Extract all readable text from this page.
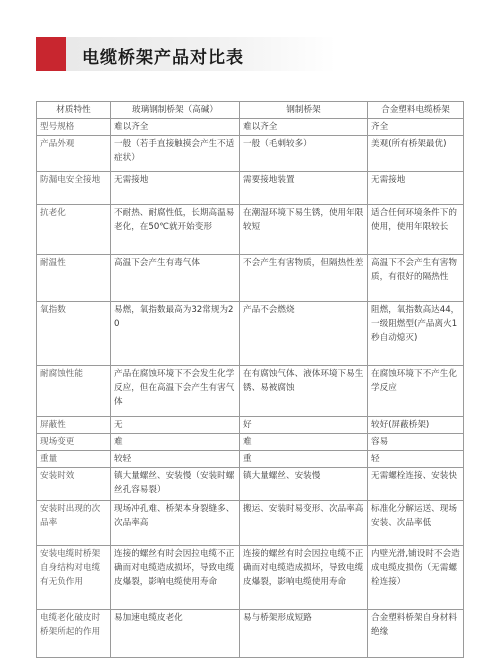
电缆桥架产品对比表
材质特性	玻璃钢制桥架（高碱）	钢制桥架	合金塑料电缆桥架
型号规格	难以齐全	难以齐全	齐全
产品外观	一般（若手直接触摸会产生不适症状）	一般（毛刺较多）	美观(所有桥架最优)
防漏电安全接地	无需接地	需要接地装置	无需接地
抗老化	不耐热、耐腐性低，长期高温易老化，在50℃就开始变形	在潮湿环境下易生锈，使用年限较短	适合任何环境条件下的使用，使用年限较长
耐温性	高温下会产生有毒气体	不会产生有害物质，但隔热性差	高温下不会产生有害物质，有很好的隔热性
氧指数	易燃，氧指数最高为32常规为20	产品不会燃烧	阻燃，氧指数高达44，一级阻燃型(产品离火1秒自动熄灭)
耐腐蚀性能	产品在腐蚀环境下不会发生化学反应，但在高温下会产生有害气体	在有腐蚀气体、液体环境下易生锈、易被腐蚀	在腐蚀环境下不产生化学反应
屏蔽性	无	好	较好(屏蔽桥架)
现场变更	难	难	容易
重量	较轻	重	轻
安装时效	镇大量螺丝、安装慢（安装时螺丝孔容易裂）	镇大量螺丝、安装慢	无需螺栓连接、安装快
安装时出现的次品率	现场冲孔难、桥架本身裂缝多、次品率高	搬运、安装时易变形、次品率高	标准化分解运送、现场安装、次品率低
安装电缆时桥架自身结构对电缆有无负作用	连接的螺丝有时会因拉电缆不正确而对电缆造成损坏，导致电缆皮爆裂，影响电缆使用寿命	连接的螺丝有时会因拉电缆不正确而对电缆造成损坏，导致电缆皮爆裂，影响电缆使用寿命	内壁光滑,铺设时不会造成电缆皮损伤（无需螺栓连接）
电缆老化破皮时桥架所起的作用	易加速电缆皮老化	易与桥架形成短路	合金塑料桥架自身材料绝缘
